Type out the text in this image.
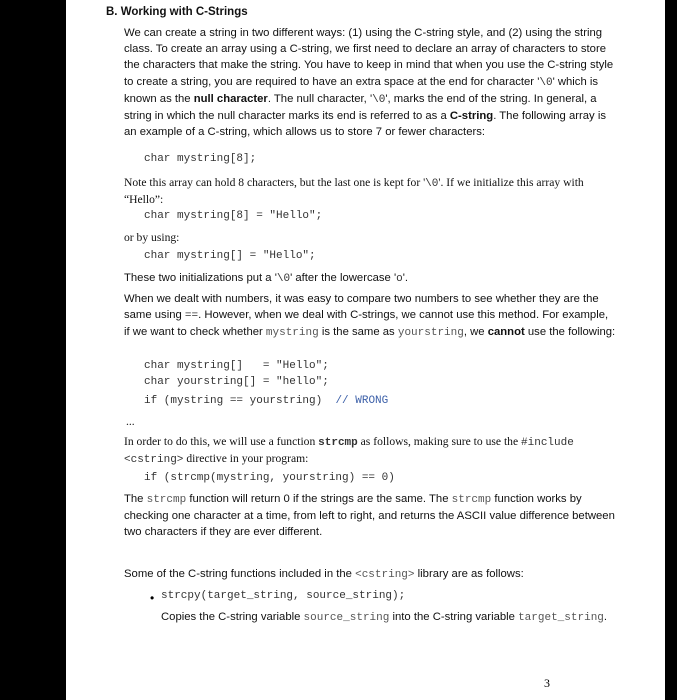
B. Working with C-Strings
We can create a string in two different ways: (1) using the C-string style, and (2) using the string class. To create an array using a C-string, we first need to declare an array of characters to store the characters that make the string. You have to keep in mind that when you use the C-string style to create a string, you are required to have an extra space at the end for character '\0' which is known as the null character. The null character, '\0', marks the end of the string. In general, a string in which the null character marks its end is referred to as a C-string. The following array is an example of a C-string, which allows us to store 7 or fewer characters:
char mystring[8];
Note this array can hold 8 characters, but the last one is kept for '\0'. If we initialize this array with “Hello”:
char mystring[8] = "Hello";
or by using:
char mystring[] = "Hello";
These two initializations put a '\0' after the lowercase 'o'.
When we dealt with numbers, it was easy to compare two numbers to see whether they are the same using ==. However, when we deal with C-strings, we cannot use this method. For example, if we want to check whether mystring is the same as yourstring, we cannot use the following:
char mystring[]   = "Hello";
char yourstring[] = "hello";
if (mystring == yourstring) // WRONG
...
In order to do this, we will use a function strcmp as follows, making sure to use the #include <cstring> directive in your program:
if (strcmp(mystring, yourstring) == 0)
The strcmp function will return 0 if the strings are the same. The strcmp function works by checking one character at a time, from left to right, and returns the ASCII value difference between two characters if they are ever different.
Some of the C-string functions included in the <cstring> library are as follows:
• strcpy(target_string, source_string);
Copies the C-string variable source_string into the C-string variable target_string.
3
